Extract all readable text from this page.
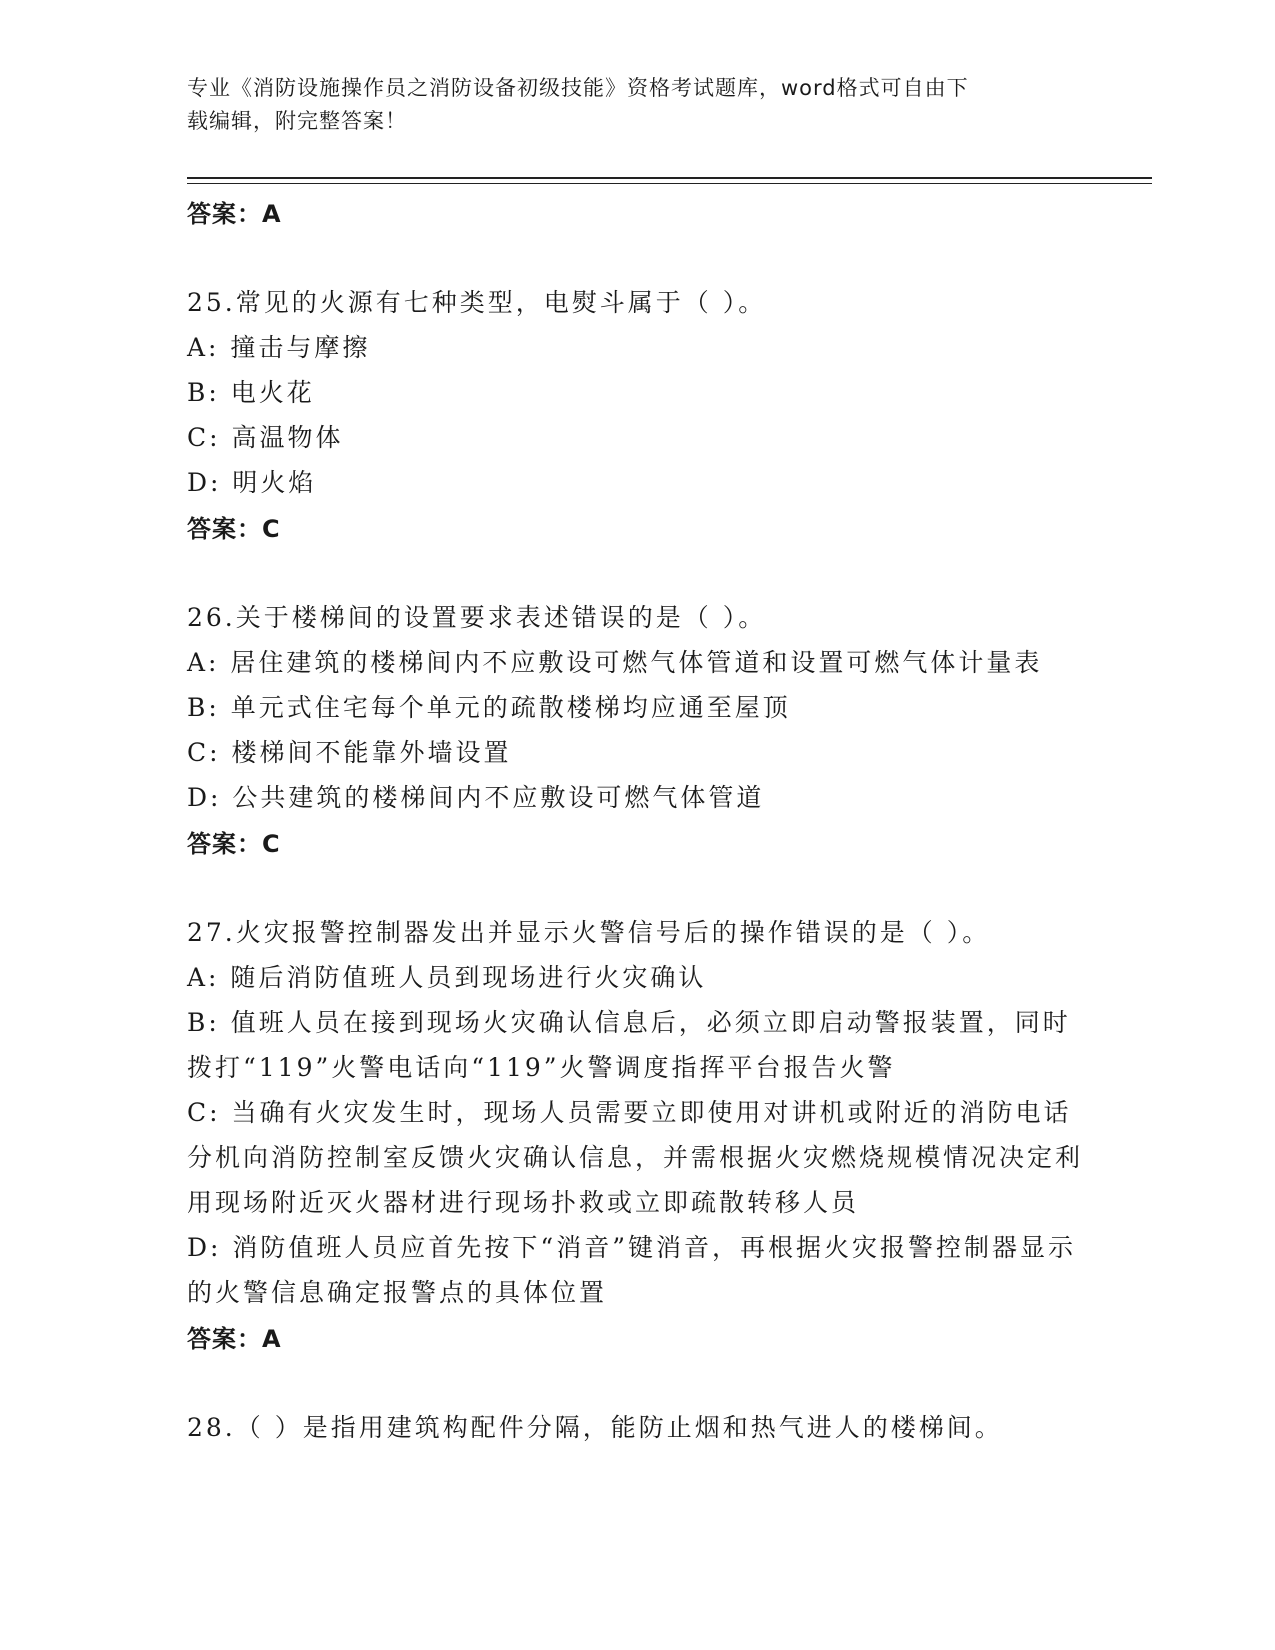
专业《消防设施操作员之消防设备初级技能》资格考试题库，word格式可自由下
载编辑，附完整答案！
答案：A
25.常见的火源有七种类型，电熨斗属于（ ）。
A: 撞击与摩擦
B: 电火花
C: 高温物体
D: 明火焰
答案：C
26.关于楼梯间的设置要求表述错误的是（ ）。
A: 居住建筑的楼梯间内不应敷设可燃气体管道和设置可燃气体计量表
B: 单元式住宅每个单元的疏散楼梯均应通至屋顶
C: 楼梯间不能靠外墙设置
D: 公共建筑的楼梯间内不应敷设可燃气体管道
答案：C
27.火灾报警控制器发出并显示火警信号后的操作错误的是（ ）。
A: 随后消防值班人员到现场进行火灾确认
B: 值班人员在接到现场火灾确认信息后，必须立即启动警报装置，同时拨打“119”火警电话向“119”火警调度指挥平台报告火警
C: 当确有火灾发生时，现场人员需要立即使用对讲机或附近的消防电话分机向消防控制室反馈火灾确认信息，并需根据火灾燃烧规模情况决定利用现场附近灭火器材进行现场扑救或立即疏散转移人员
D: 消防值班人员应首先按下“消音”键消音，再根据火灾报警控制器显示的火警信息确定报警点的具体位置
答案：A
28.（ ）是指用建筑构配件分隔，能防止烟和热气进人的楼梯间。
